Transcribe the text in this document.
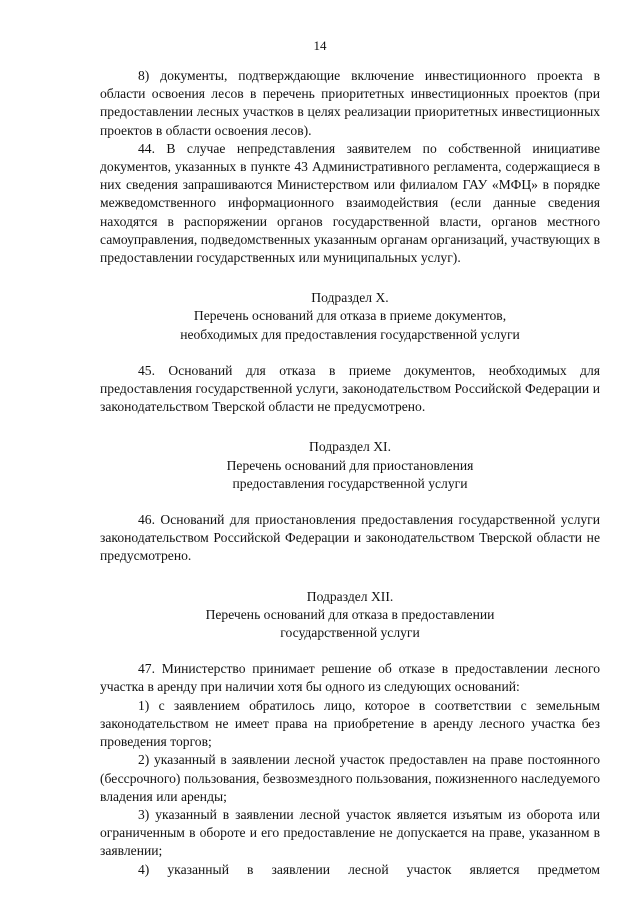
14

8) документы, подтверждающие включение инвестиционного проекта в области освоения лесов в перечень приоритетных инвестиционных проектов (при предоставлении лесных участков в целях реализации приоритетных инвестиционных проектов в области освоения лесов).

44. В случае непредставления заявителем по собственной инициативе документов, указанных в пункте 43 Административного регламента, содержащиеся в них сведения запрашиваются Министерством или филиалом ГАУ «МФЦ» в порядке межведомственного информационного взаимодействия (если данные сведения находятся в распоряжении органов государственной власти, органов местного самоуправления, подведомственных указанным органам организаций, участвующих в предоставлении государственных или муниципальных услуг).

Подраздел X.
Перечень оснований для отказа в приеме документов,
необходимых для предоставления государственной услуги

45. Оснований для отказа в приеме документов, необходимых для предоставления государственной услуги, законодательством Российской Федерации и законодательством Тверской области не предусмотрено.

Подраздел XI.
Перечень оснований для приостановления
предоставления государственной услуги

46. Оснований для приостановления предоставления государственной услуги законодательством Российской Федерации и законодательством Тверской области не предусмотрено.

Подраздел XII.
Перечень оснований для отказа в предоставлении
государственной услуги

47. Министерство принимает решение об отказе в предоставлении лесного участка в аренду при наличии хотя бы одного из следующих оснований:

1) с заявлением обратилось лицо, которое в соответствии с земельным законодательством не имеет права на приобретение в аренду лесного участка без проведения торгов;

2) указанный в заявлении лесной участок предоставлен на праве постоянного (бессрочного) пользования, безвозмездного пользования, пожизненного наследуемого владения или аренды;

3) указанный в заявлении лесной участок является изъятым из оборота или ограниченным в обороте и его предоставление не допускается на праве, указанном в заявлении;

4) указанный в заявлении лесной участок является предметом
